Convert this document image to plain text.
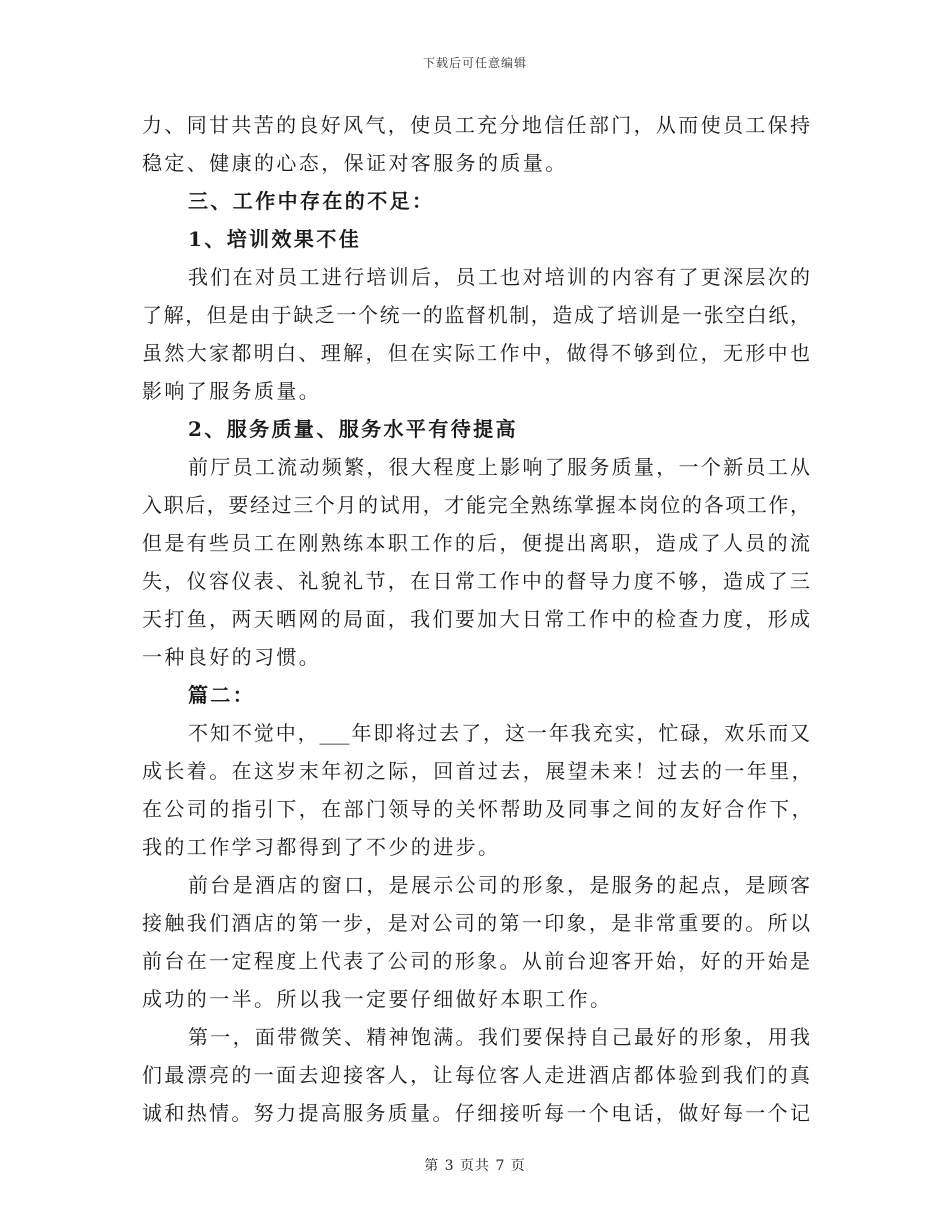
下载后可任意编辑
力、同甘共苦的良好风气，使员工充分地信任部门，从而使员工保持
稳定、健康的心态，保证对客服务的质量。
三、工作中存在的不足：
1、培训效果不佳
我们在对员工进行培训后，员工也对培训的内容有了更深层次的
了解，但是由于缺乏一个统一的监督机制，造成了培训是一张空白纸，
虽然大家都明白、理解，但在实际工作中，做得不够到位，无形中也
影响了服务质量。
2、服务质量、服务水平有待提高
前厅员工流动频繁，很大程度上影响了服务质量，一个新员工从
入职后，要经过三个月的试用，才能完全熟练掌握本岗位的各项工作，
但是有些员工在刚熟练本职工作的后，便提出离职，造成了人员的流
失，仪容仪表、礼貌礼节，在日常工作中的督导力度不够，造成了三
天打鱼，两天晒网的局面，我们要加大日常工作中的检查力度，形成
一种良好的习惯。
篇二：
不知不觉中，___年即将过去了，这一年我充实，忙碌，欢乐而又
成长着。在这岁末年初之际，回首过去，展望未来！过去的一年里，
在公司的指引下，在部门领导的关怀帮助及同事之间的友好合作下，
我的工作学习都得到了不少的进步。
前台是酒店的窗口，是展示公司的形象，是服务的起点，是顾客
接触我们酒店的第一步，是对公司的第一印象，是非常重要的。所以
前台在一定程度上代表了公司的形象。从前台迎客开始，好的开始是
成功的一半。所以我一定要仔细做好本职工作。
第一，面带微笑、精神饱满。我们要保持自己最好的形象，用我
们最漂亮的一面去迎接客人，让每位客人走进酒店都体验到我们的真
诚和热情。努力提高服务质量。仔细接听每一个电话，做好每一个记
第 3 页共 7 页
